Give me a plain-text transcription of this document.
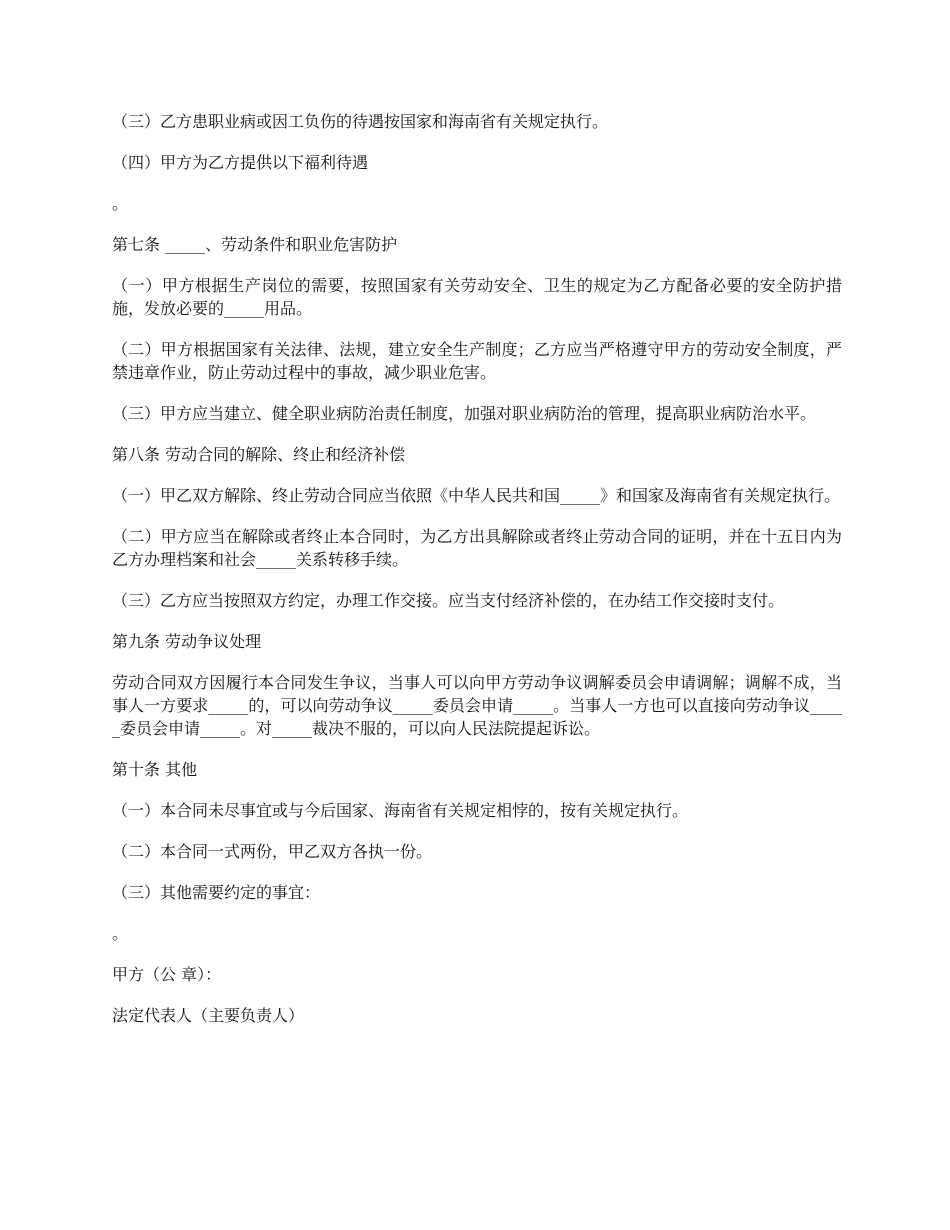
（三）乙方患职业病或因工负伤的待遇按国家和海南省有关规定执行。

（四）甲方为乙方提供以下福利待遇

。

第七条 _____、劳动条件和职业危害防护

（一）甲方根据生产岗位的需要，按照国家有关劳动安全、卫生的规定为乙方配备必要的安全防护措施，发放必要的_____用品。

（二）甲方根据国家有关法律、法规，建立安全生产制度；乙方应当严格遵守甲方的劳动安全制度，严禁违章作业，防止劳动过程中的事故，减少职业危害。

（三）甲方应当建立、健全职业病防治责任制度，加强对职业病防治的管理，提高职业病防治水平。

第八条 劳动合同的解除、终止和经济补偿

（一）甲乙双方解除、终止劳动合同应当依照《中华人民共和国_____》和国家及海南省有关规定执行。

（二）甲方应当在解除或者终止本合同时，为乙方出具解除或者终止劳动合同的证明，并在十五日内为乙方办理档案和社会_____关系转移手续。

（三）乙方应当按照双方约定，办理工作交接。应当支付经济补偿的，在办结工作交接时支付。

第九条 劳动争议处理

劳动合同双方因履行本合同发生争议，当事人可以向甲方劳动争议调解委员会申请调解；调解不成，当事人一方要求_____的，可以向劳动争议_____委员会申请_____。当事人一方也可以直接向劳动争议_____委员会申请_____。对_____裁决不服的，可以向人民法院提起诉讼。

第十条 其他

（一）本合同未尽事宜或与今后国家、海南省有关规定相悖的，按有关规定执行。

（二）本合同一式两份，甲乙双方各执一份。

（三）其他需要约定的事宜：

。

甲方（公 章）：

法定代表人（主要负责人）
